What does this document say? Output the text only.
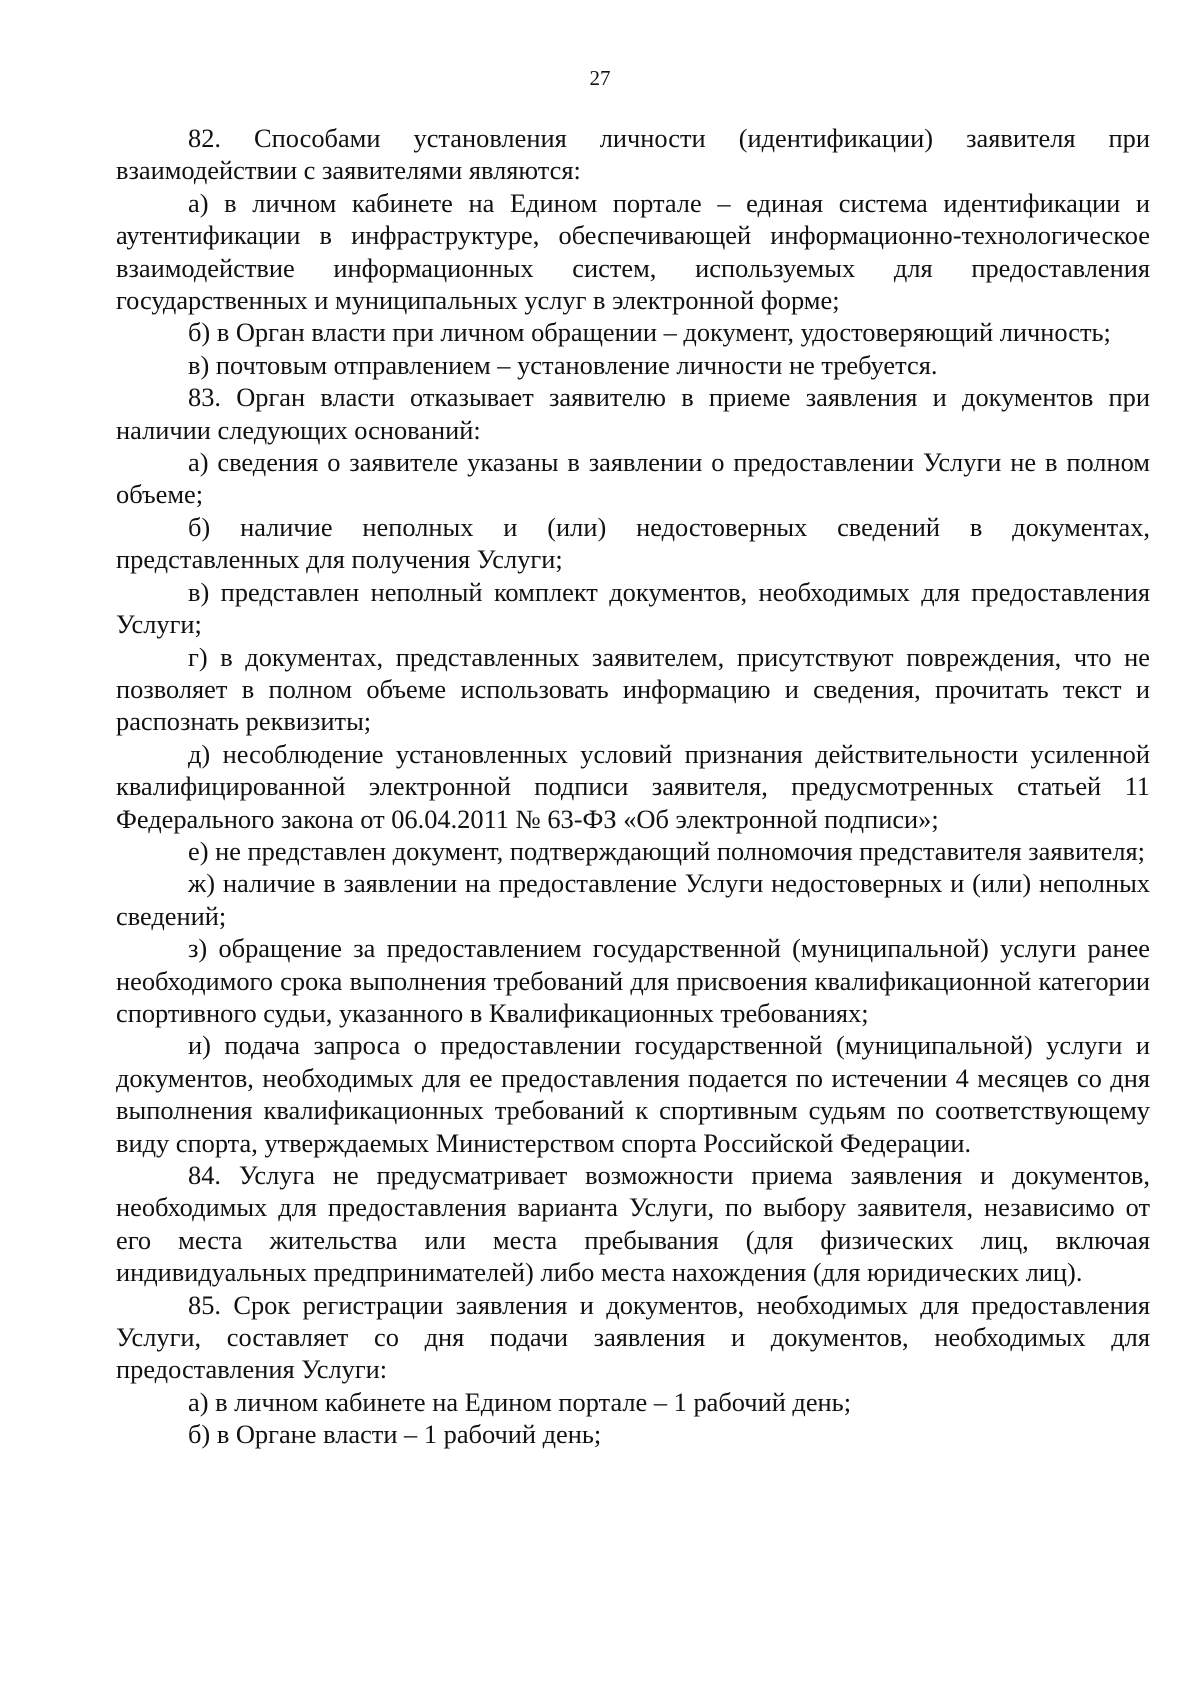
27

82. Способами установления личности (идентификации) заявителя при взаимодействии с заявителями являются:

а) в личном кабинете на Едином портале – единая система идентификации и аутентификации в инфраструктуре, обеспечивающей информационно-технологическое взаимодействие информационных систем, используемых для предоставления государственных и муниципальных услуг в электронной форме;

б) в Орган власти при личном обращении – документ, удостоверяющий личность;

в) почтовым отправлением – установление личности не требуется.

83. Орган власти отказывает заявителю в приеме заявления и документов при наличии следующих оснований:

а) сведения о заявителе указаны в заявлении о предоставлении Услуги не в полном объеме;

б) наличие неполных и (или) недостоверных сведений в документах, представленных для получения Услуги;

в) представлен неполный комплект документов, необходимых для предоставления Услуги;

г) в документах, представленных заявителем, присутствуют повреждения, что не позволяет в полном объеме использовать информацию и сведения, прочитать текст и распознать реквизиты;

д) несоблюдение установленных условий признания действительности усиленной квалифицированной электронной подписи заявителя, предусмотренных статьей 11 Федерального закона от 06.04.2011 № 63-ФЗ «Об электронной подписи»;

е) не представлен документ, подтверждающий полномочия представителя заявителя;

ж) наличие в заявлении на предоставление Услуги недостоверных и (или) неполных сведений;

з) обращение за предоставлением государственной (муниципальной) услуги ранее необходимого срока выполнения требований для присвоения квалификационной категории спортивного судьи, указанного в Квалификационных требованиях;

и) подача запроса о предоставлении государственной (муниципальной) услуги и документов, необходимых для ее предоставления подается по истечении 4 месяцев со дня выполнения квалификационных требований к спортивным судьям по соответствующему виду спорта, утверждаемых Министерством спорта Российской Федерации.

84. Услуга не предусматривает возможности приема заявления и документов, необходимых для предоставления варианта Услуги, по выбору заявителя, независимо от его места жительства или места пребывания (для физических лиц, включая индивидуальных предпринимателей) либо места нахождения (для юридических лиц).

85. Срок регистрации заявления и документов, необходимых для предоставления Услуги, составляет со дня подачи заявления и документов, необходимых для предоставления Услуги:

а) в личном кабинете на Едином портале – 1 рабочий день;

б) в Органе власти – 1 рабочий день;
